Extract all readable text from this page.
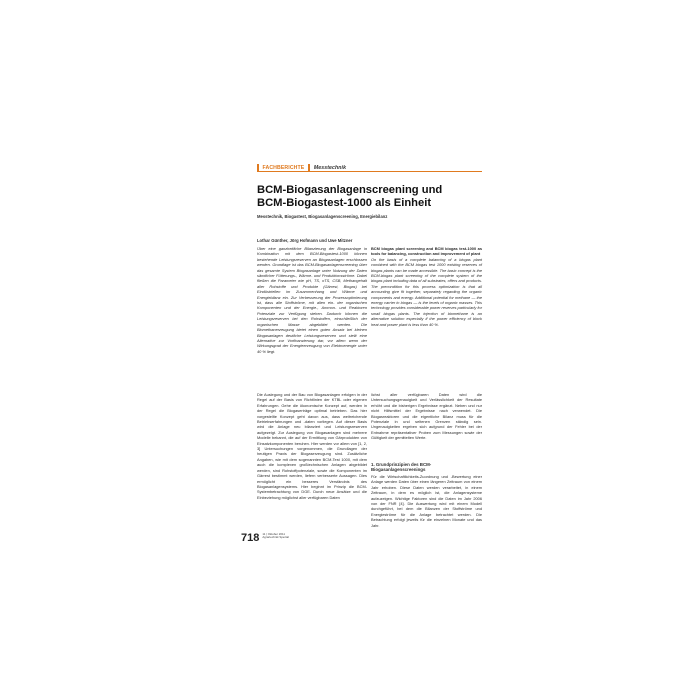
FACHBERICHTE Messtechnik
BCM-Biogasanlagenscreening und
BCM-Biogastest-1000 als Einheit
Messtechnik, Biogastest, Biogasanlagenscreening, Energiebilanz
Lothar Günther, Jörg Hofmann und Uwe Mitzner

Über eine ganzheitliche Bilanzierung der Biogasanlage in Kombination mit dem BCM-Biogastest-1000 können bestehende Leistungsreserven an Biogasanlagen erschlossen werden. Grundlage ist das BCM-Biogasanlagenscreening über das gesamte System Biogasanlage unter Nutzung der Daten sämtlicher Fütterungs-, Wärme- und Produktionsströme. Dabei fließen die Parameter wie pH, TS, oTS, CSB, Methangehalt aller Rohstoffe und Produkte (Gärrest, Biogas) bei Eindüstriellen im Zusammenhang und Wärme und Energiebilanz ein. Zur Verbesserung der Prozessoptimierung ist, dass alle Stoffströme, mit allen ein- der organischen Komponenten und der Energie-, Ammon- und Reaktoren Potenziale zur Verfügung stehen. Dadurch können die Leistungsreserven bei den Rohstoffen, einschließlich der organischen Masse abgebildet werden. Die Biomethanerzeugung bietet einen guten Ansatz bei kleinen Biogasanlagen deutliche Leistungsreserven und stellt eine Alternative zur Vorfinanzierung dar, vor allem wenn der Wirkungsgrad der Energieerzeugung von Elektroenergie unter 40 % liegt.

BCM biogas plant screening and BCM biogas test-1000 as tools for balancing, construction and improvement of plant

On the basis of a complete balancing of a biogas plant combined with the BCM biogas test 1000 existing reserves of biogas plants can be made accessible. The basic concept is the BCM-biogas plant screening of the complete system of the biogas plant including data of all substrates, offers and products. The precondition for this process optimization is that all accounting give fit together, separately regarding the organic components and energy. Additional potential for methane — the energy carrier in biogas — is the levels of organic masses. This technology provides considerable power reserves particularly for small biogas plants. The injection of biomethane is an alternative solution especially if the power efficiency of block heat and power plant is less than 40 %.

Die Auslegung und der Bau von Biogasanlagen erfolgen in der Regel auf der Basis von Richtlinien der KTBL oder eigenen Erfahrungen. Gehe die ökonomische Konzept auf, werden in der Regel die Biogaserträge optimal betrieben. Das hier vorgestellte Konzept geht davon aus, dass weitreichende Betriebserfahrungen und -daten vorliegen. Auf dieser Basis wird die Anlage neu bilanziert und Leistungsreserven aufgezeigt. Zur Auslegung von Biogasanlagen sind mehrere Modelle bekannt, die auf der Ermittlung von Gärprodukten von Einsatzkomponenten beruhen. Hier werden vor allem von [1, 2, 3] Untersuchungen vorgenommen, die Grundlagen der heutigen Praxis der Biogaserzeugung sind. Zusätzliche Angaben, wie mit dem sogenannten BCM-Test 1000, mit dem auch die komplexen großtechnischen Anlagen abgebildet werden, sind Rohstoffpotenziale, sowie die Komponenten im Gärrest bestimmt werden, liefern verbesserte Aussagen. Dies ermöglicht ein besseres Verständnis des Biogasanlagensystems. Hier beginnt im Prinzip die BCM-Systembetrachtung von DGE. Durch neue Ansätze und die Einbeziehung möglichst aller verfügbaren Daten

lichst aller verfügbaren Daten wird die Untersuchungsgenauigkeit und Verlässlichkeit der Resultate erhöht und die bisherigen Ergebnisse ergänzt. Neben und nur nicht Hilfsmittel der Ergebnisse nach verwendet. Die Biogasreaktoren und die eigentliche Bilanz muss für die Potenziale in und seltenen Grenzen ständig sein. Ungenauigkeiten ergeben sich aufgrund der Fehler bei der Entnahme repräsentativer Proben zum Messungen sowie der Gültigkeit der gemittelten Werte.

1. Grundprinzipien des BCM-Biogasanlagenscreenings

Für die Wirtschaftlichkeits-Zuordnung und -Bewertung einer Anlage werden Daten über einen längeren Zeitraum von einem Jahr erhoben. Diese Daten werden verarbeitet, in einem Zeitraum, in dem es möglich ist, die Anlagensysteme aufzuzeigen. Wichtige Faktoren sind die Daten im Jahr 2006 von der FNR [4]. Die Auswertung wird mit einem Modell durchgeführt, bei dem die Bilanzen der Stoffströme und Energieströme für die Anlage betrachtet werden. Die Betrachtung erfolgt jeweils für die einzelnen Monate und das Jahr.

718 11 | Oktober 2011
Agrartechnik Spezial
